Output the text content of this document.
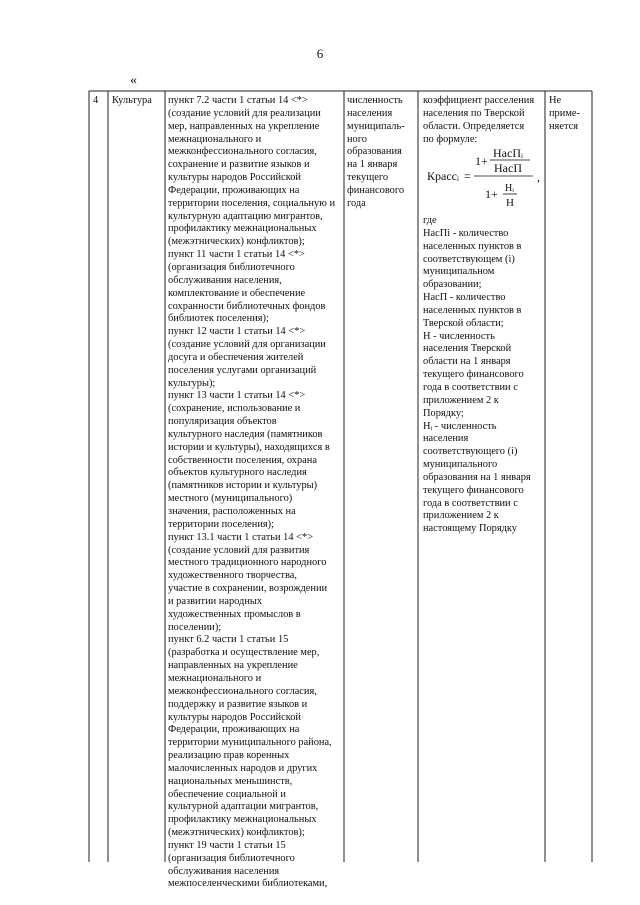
6
«
4 Культура пункт 7.2 части 1 статьи 14 <*>
(создание условий для реализации
мер, направленных на укрепление
межнационального и
межконфессионального согласия,
сохранение и развитие языков и
культуры народов Российской
Федерации, проживающих на
территории поселения, социальную и
культурную адаптацию мигрантов,
профилактику межнациональных
(межэтнических) конфликтов);
пункт 11 части 1 статьи 14 <*>
(организация библиотечного
обслуживания населения,
комплектование и обеспечение
сохранности библиотечных фондов
библиотек поселения);
пункт 12 части 1 статьи 14 <*>
(создание условий для организации
досуга и обеспечения жителей
поселения услугами организаций
культуры);
пункт 13 части 1 статьи 14 <*>
(сохранение, использование и
популяризация объектов
культурного наследия (памятников
истории и культуры), находящихся в
собственности поселения, охрана
объектов культурного наследия
(памятников истории и культуры)
местного (муниципального)
значения, расположенных на
территории поселения);
пункт 13.1 части 1 статьи 14 <*>
(создание условий для развития
местного традиционного народного
художественного творчества,
участие в сохранении, возрождении
и развитии народных
художественных промыслов в
поселении);
пункт 6.2 части 1 статьи 15
(разработка и осуществление мер,
направленных на укрепление
межнационального и
межконфессионального согласия,
поддержку и развитие языков и
культуры народов Российской
Федерации, проживающих на
территории муниципального района,
реализацию прав коренных
малочисленных народов и других
национальных меньшинств,
обеспечение социальной и
культурной адаптации мигрантов,
профилактику межнациональных
(межэтнических) конфликтов);
пункт 19 части 1 статьи 15
(организация библиотечного
обслуживания населения
межпоселенческими библиотеками,
численность
населения
муниципаль-
ного
образования
на 1 января
текущего
финансового
года
коэффициент расселения
населения по Тверской
области. Определяется
по формуле:
Крассᵢ =
1+
НасПᵢ
НасП
1+ Hᵢ
H
,
где
НасПi - количество
населенных пунктов в
соответствующем (i)
муниципальном
образовании;
НасП - количество
населенных пунктов в
Тверской области;
Н - численность
населения Тверской
области на 1 января
текущего финансового
года в соответствии с
приложением 2 к
Порядку;
Нᵢ - численность
населения
соответствующего (i)
муниципального
образования на 1 января
текущего финансового
года в соответствии с
приложением 2 к
настоящему Порядку
Не
приме-
няется
